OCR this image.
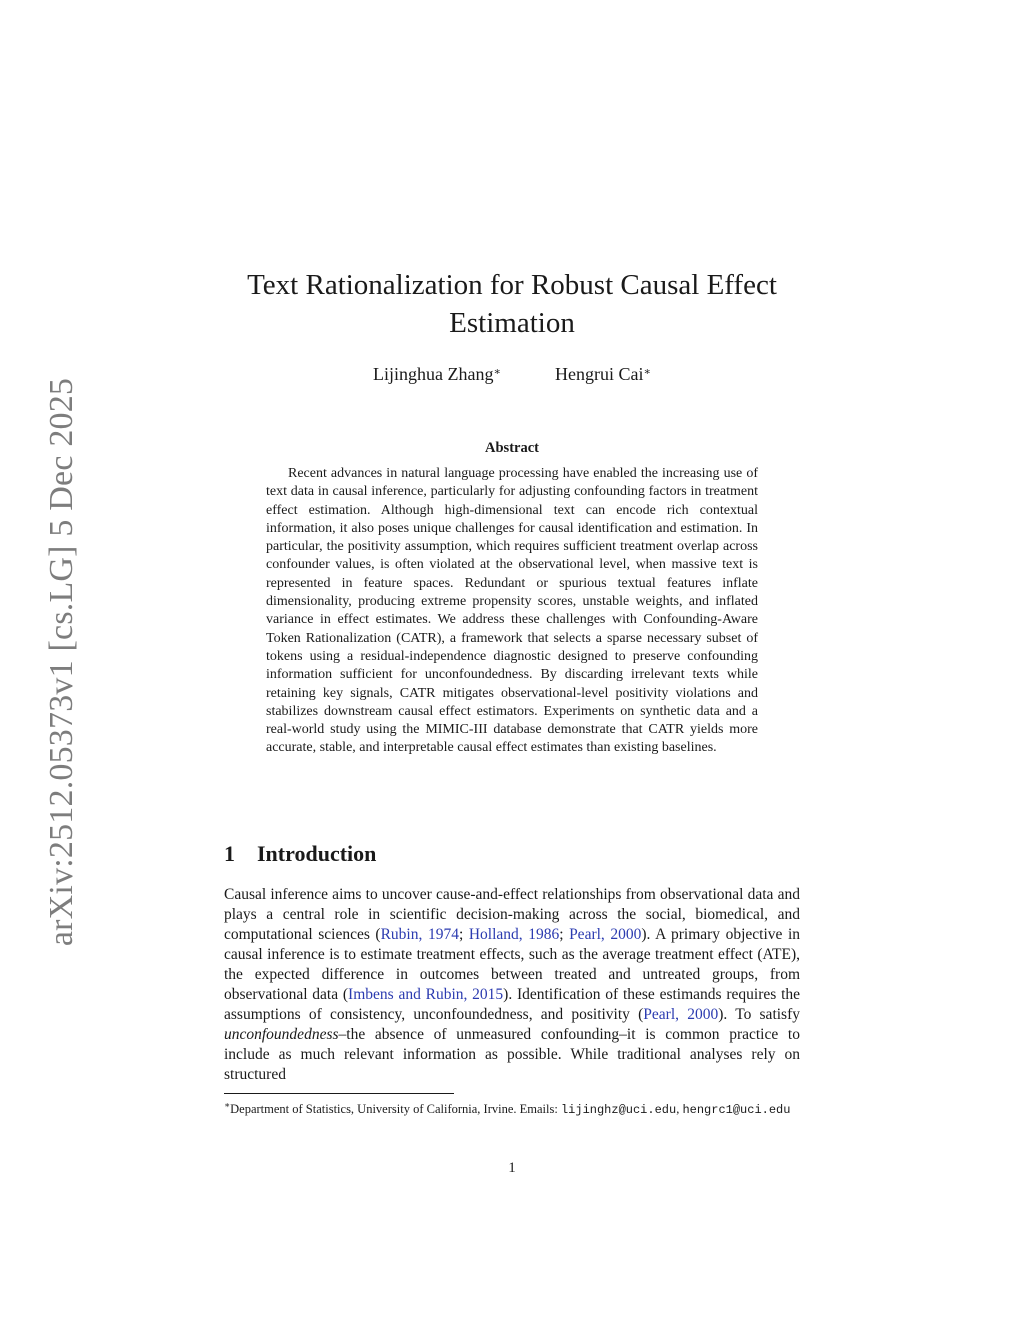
arXiv:2512.05373v1 [cs.LG] 5 Dec 2025
Text Rationalization for Robust Causal Effect
Estimation
Lijinghua Zhang∗	Hengrui Cai∗
Abstract

Recent advances in natural language processing have enabled the increasing use of text data in causal inference, particularly for adjusting confounding factors in treatment effect estimation. Although high-dimensional text can encode rich contextual information, it also poses unique challenges for causal identification and estimation. In particular, the positivity assumption, which requires sufficient treatment overlap across confounder values, is often violated at the observational level, when massive text is represented in feature spaces. Redundant or spurious textual features inflate dimensionality, producing extreme propensity scores, unstable weights, and inflated variance in effect estimates. We address these challenges with Confounding-Aware Token Rationalization (CATR), a framework that selects a sparse necessary subset of tokens using a residual-independence diagnostic designed to preserve confounding information sufficient for unconfoundedness. By discarding irrelevant texts while retaining key signals, CATR mitigates observational-level positivity violations and stabilizes downstream causal effect estimators. Experiments on synthetic data and a real-world study using the MIMIC-III database demonstrate that CATR yields more accurate, stable, and interpretable causal effect estimates than existing baselines.

1 Introduction

Causal inference aims to uncover cause-and-effect relationships from observational data and plays a central role in scientific decision-making across the social, biomedical, and computational sciences (Rubin, 1974; Holland, 1986; Pearl, 2000). A primary objective in causal inference is to estimate treatment effects, such as the average treatment effect (ATE), the expected difference in outcomes between treated and untreated groups, from observational data (Imbens and Rubin, 2015). Identification of these estimands requires the assumptions of consistency, unconfoundedness, and positivity (Pearl, 2000). To satisfy unconfoundedness–the absence of unmeasured confounding–it is common practice to include as much relevant information as possible. While traditional analyses rely on structured

∗Department of Statistics, University of California, Irvine. Emails: lijinghz@uci.edu, hengrc1@uci.edu

1
